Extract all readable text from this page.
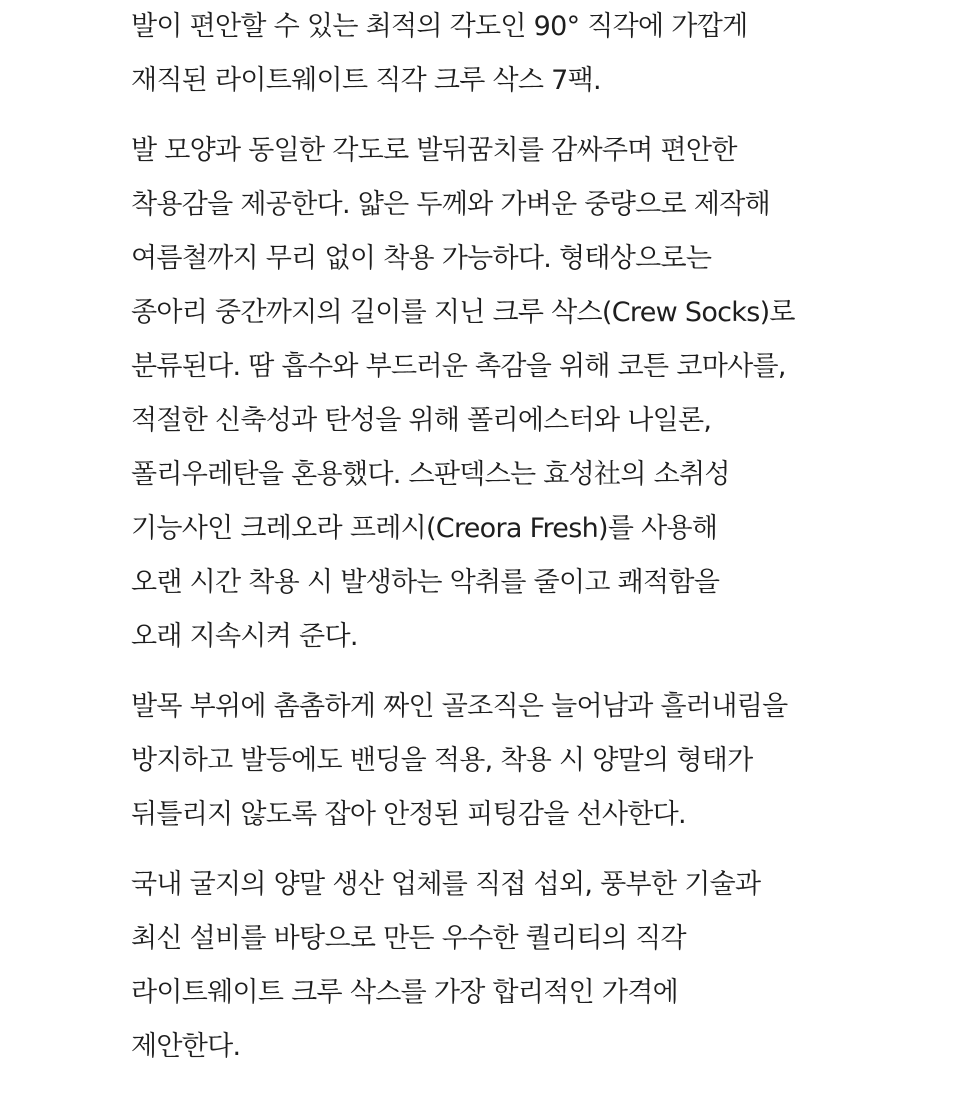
발이 편안할 수 있는 최적의 각도인 90° 직각에 가깝게
재직된 라이트웨이트 직각 크루 삭스 7팩.

발 모양과 동일한 각도로 발뒤꿈치를 감싸주며 편안한
착용감을 제공한다. 얇은 두께와 가벼운 중량으로 제작해
여름철까지 무리 없이 착용 가능하다. 형태상으로는
종아리 중간까지의 길이를 지닌 크루 삭스(Crew Socks)로
분류된다. 땀 흡수와 부드러운 촉감을 위해 코튼 코마사를,
적절한 신축성과 탄성을 위해 폴리에스터와 나일론,
폴리우레탄을 혼용했다. 스판덱스는 효성社의 소취성
기능사인 크레오라 프레시(Creora Fresh)를 사용해
오랜 시간 착용 시 발생하는 악취를 줄이고 쾌적함을
오래 지속시켜 준다.

발목 부위에 촘촘하게 짜인 골조직은 늘어남과 흘러내림을
방지하고 발등에도 밴딩을 적용, 착용 시 양말의 형태가
뒤틀리지 않도록 잡아 안정된 피팅감을 선사한다.

국내 굴지의 양말 생산 업체를 직접 섭외, 풍부한 기술과
최신 설비를 바탕으로 만든 우수한 퀄리티의 직각
라이트웨이트 크루 삭스를 가장 합리적인 가격에
제안한다.
